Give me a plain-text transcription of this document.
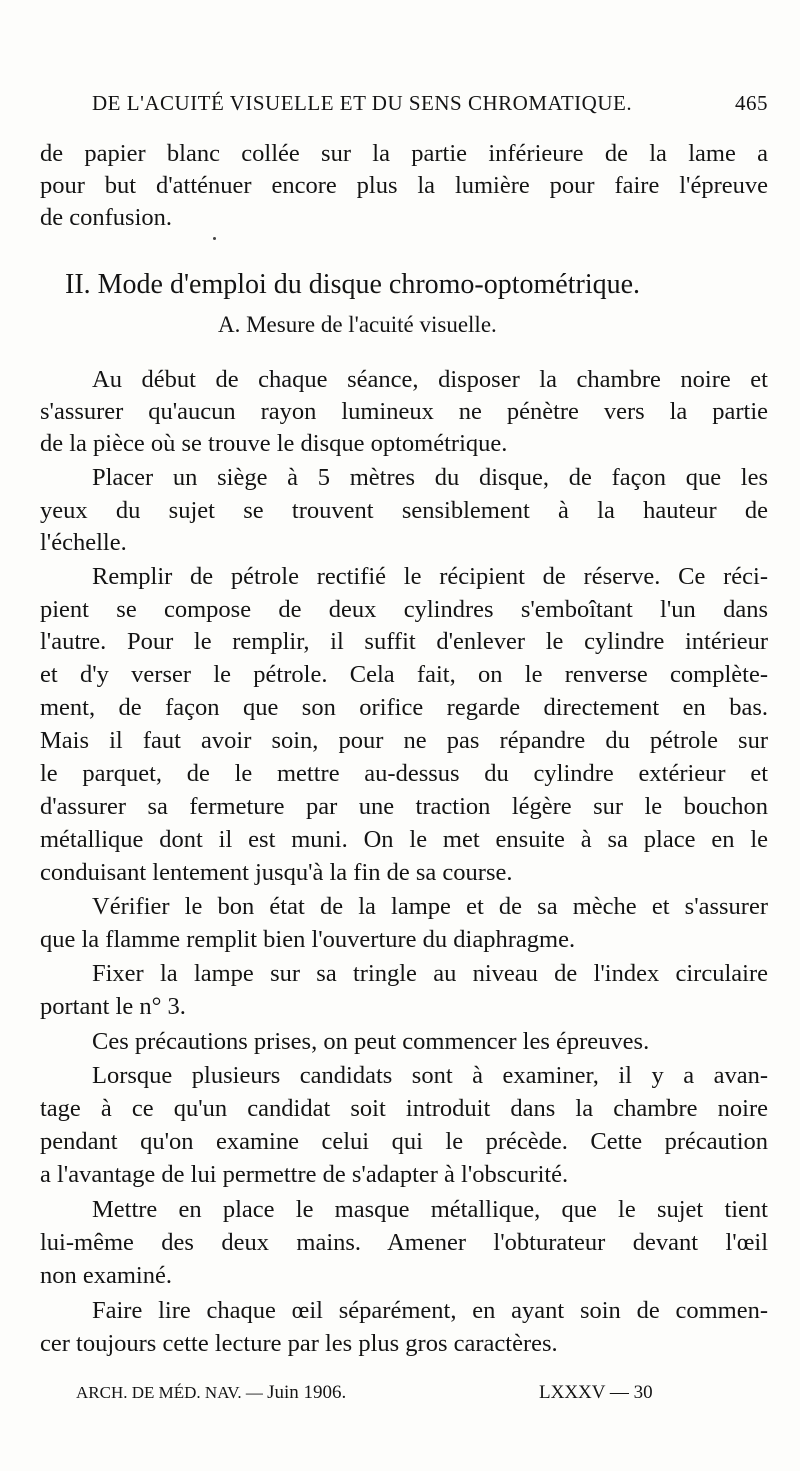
DE L'ACUITÉ VISUELLE ET DU SENS CHROMATIQUE.	465
de papier blanc collée sur la partie inférieure de la lame a
pour but d'atténuer encore plus la lumière pour faire l'épreuve
de confusion.
II. Mode d'emploi du disque chromo-optométrique.
A. Mesure de l'acuité visuelle.
Au début de chaque séance, disposer la chambre noire et
s'assurer qu'aucun rayon lumineux ne pénètre vers la partie
de la pièce où se trouve le disque optométrique.
Placer un siège à 5 mètres du disque, de façon que les
yeux du sujet se trouvent sensiblement à la hauteur de
l'échelle.
Remplir de pétrole rectifié le récipient de réserve. Ce réci-
pient se compose de deux cylindres s'emboîtant l'un dans
l'autre. Pour le remplir, il suffit d'enlever le cylindre intérieur
et d'y verser le pétrole. Cela fait, on le renverse complète-
ment, de façon que son orifice regarde directement en bas.
Mais il faut avoir soin, pour ne pas répandre du pétrole sur
le parquet, de le mettre au-dessus du cylindre extérieur et
d'assurer sa fermeture par une traction légère sur le bouchon
métallique dont il est muni. On le met ensuite à sa place en le
conduisant lentement jusqu'à la fin de sa course.
Vérifier le bon état de la lampe et de sa mèche et s'assurer
que la flamme remplit bien l'ouverture du diaphragme.
Fixer la lampe sur sa tringle au niveau de l'index circulaire
portant le n° 3.
Ces précautions prises, on peut commencer les épreuves.
Lorsque plusieurs candidats sont à examiner, il y a avan-
tage à ce qu'un candidat soit introduit dans la chambre noire
pendant qu'on examine celui qui le précède. Cette précaution
a l'avantage de lui permettre de s'adapter à l'obscurité.
Mettre en place le masque métallique, que le sujet tient
lui-même des deux mains. Amener l'obturateur devant l'œil
non examiné.
Faire lire chaque œil séparément, en ayant soin de commen-
cer toujours cette lecture par les plus gros caractères.
ARCH. DE MÉD. NAV. — Juin 1906.	LXXXV — 30
